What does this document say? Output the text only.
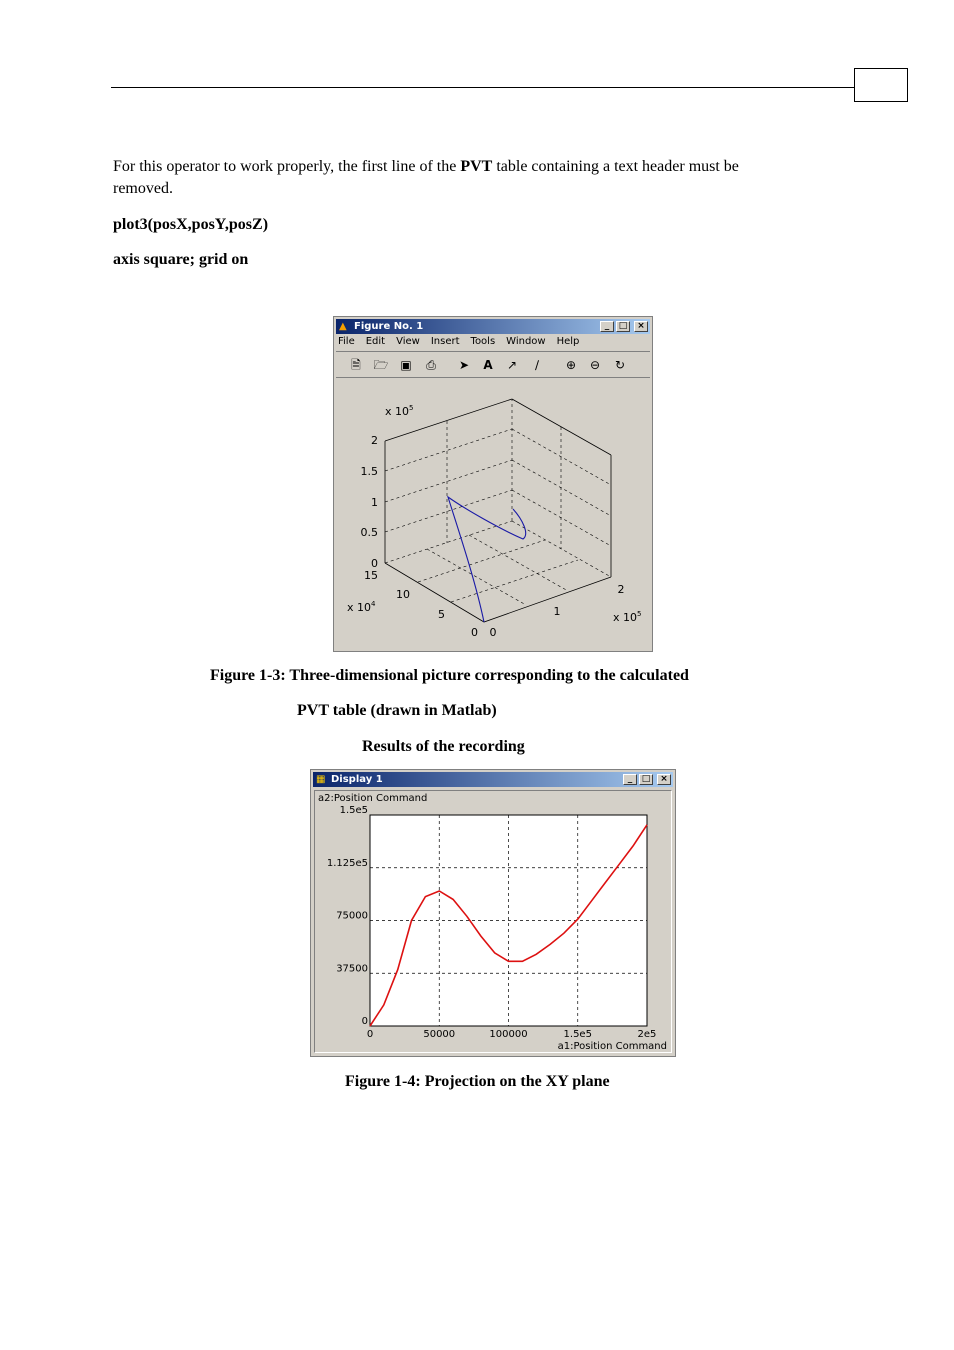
For this operator to work properly, the first line of the PVT table containing a text header must be
removed.
plot3(posX,posY,posZ)
axis square; grid on
▲ Figure No. 1	_	□	×
File Edit View Insert Tools Window Help
🗎	🗁 ▣	⎙	➤	A	↗	∕	⊕	⊖	↻
0
0.5
1
1.5
2
x $10^5$
15
10
5
0
x $10^4$
0
1
2
x $10^5$
Figure 1-3: Three-dimensional picture corresponding to the calculated
PVT table (drawn in Matlab)
Results of the recording
▦ Display 1	_	□	×
a2:Position Command
a1:Position Command
0	50000	100000	1.5e5	2e5
0
37500
75000
1.125e5
1.5e5
Figure 1-4: Projection on the XY plane
